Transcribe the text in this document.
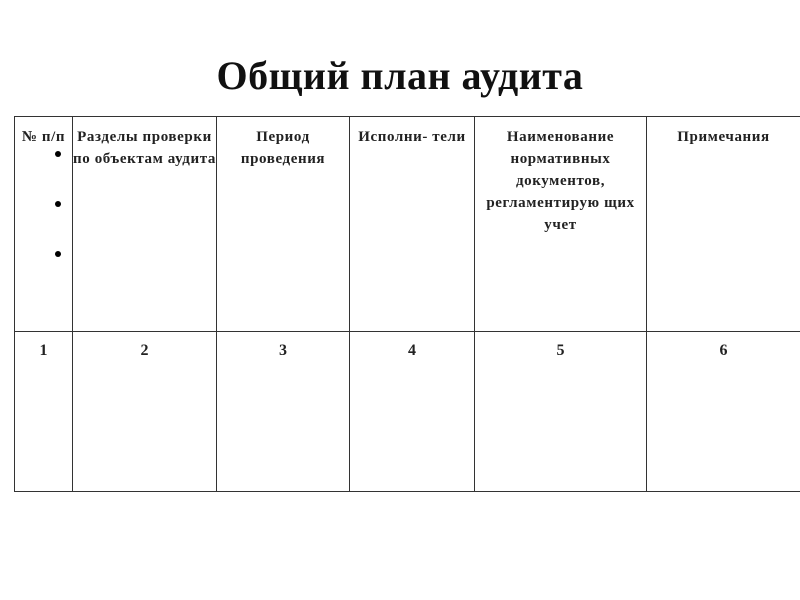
Общий план аудита
№ п/п	Разделы проверки по объектам аудита	Период проведения	Исполни- тели	Наименование нормативных документов, регламентирую щих учет	Примечания
1	2	3	4	5	6
